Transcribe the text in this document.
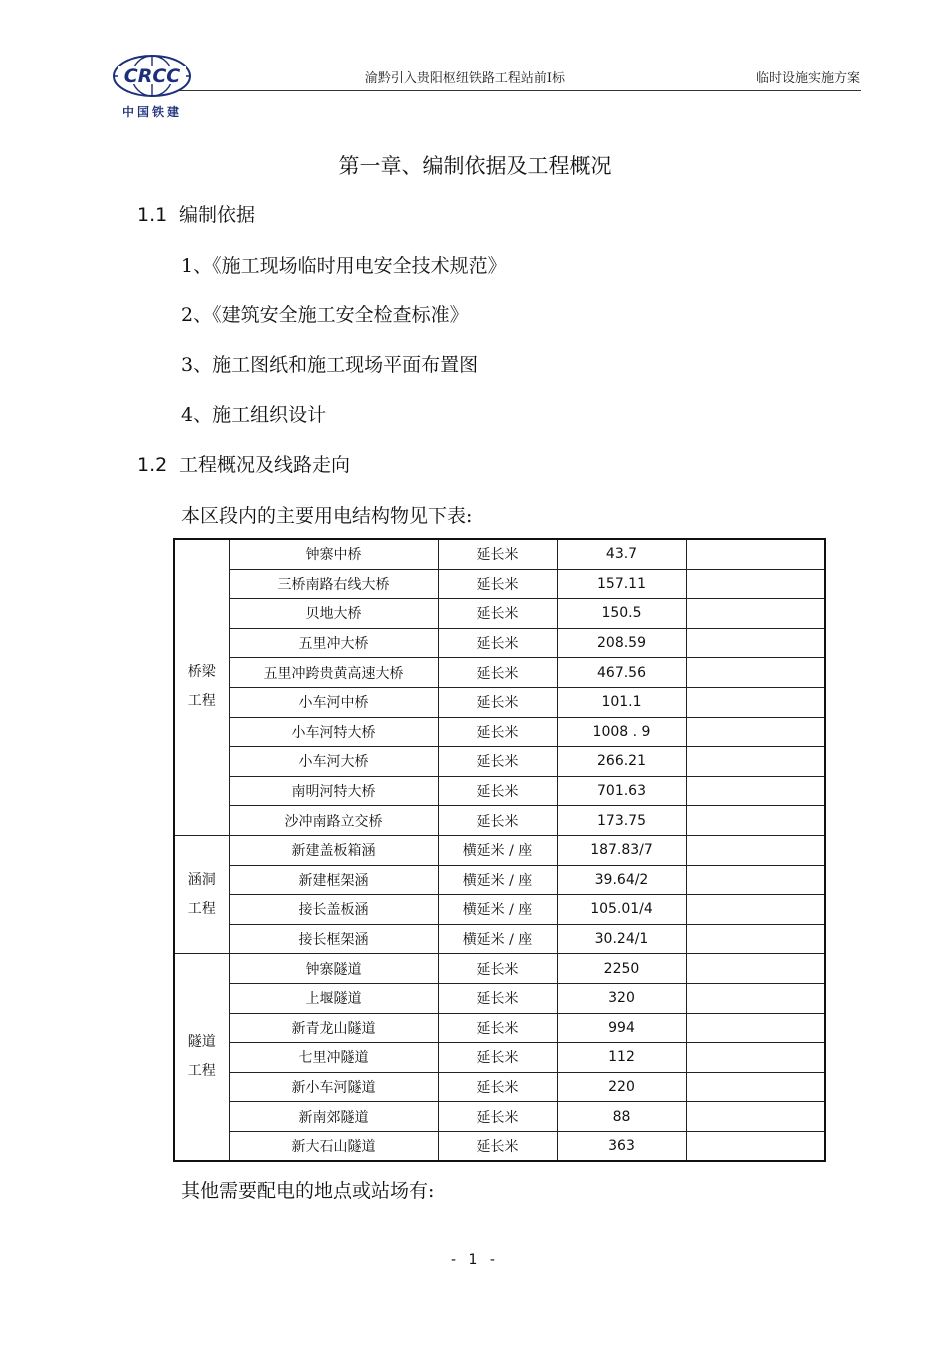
CRCC
中国铁建
渝黔引入贵阳枢纽铁路工程站前Ⅰ标	临时设施实施方案
第一章、编制依据及工程概况
1.1 编制依据
1、《施工现场临时用电安全技术规范》
2、《建筑安全施工安全检查标准》
3、施工图纸和施工现场平面布置图
4、施工组织设计
1.2 工程概况及线路走向
本区段内的主要用电结构物见下表:
桥梁
工程	钟寨中桥	延长米	43.7	
	三桥南路右线大桥	延长米	157.11	
	贝地大桥	延长米	150.5	
	五里冲大桥	延长米	208.59	
	五里冲跨贵黄高速大桥	延长米	467.56	
	小车河中桥	延长米	101.1	
	小车河特大桥	延长米	1008 . 9	
	小车河大桥	延长米	266.21	
	南明河特大桥	延长米	701.63	
	沙冲南路立交桥	延长米	173.75	

涵洞
工程	新建盖板箱涵	横延米 / 座	187.83/7	
	新建框架涵	横延米 / 座	39.64/2	
	接长盖板涵	横延米 / 座	105.01/4	
	接长框架涵	横延米 / 座	30.24/1	

隧道
工程	钟寨隧道	延长米	2250	
	上堰隧道	延长米	320	
	新青龙山隧道	延长米	994	
	七里冲隧道	延长米	112	
	新小车河隧道	延长米	220	
	新南郊隧道	延长米	88	
	新大石山隧道	延长米	363	
其他需要配电的地点或站场有:
- 1 -
